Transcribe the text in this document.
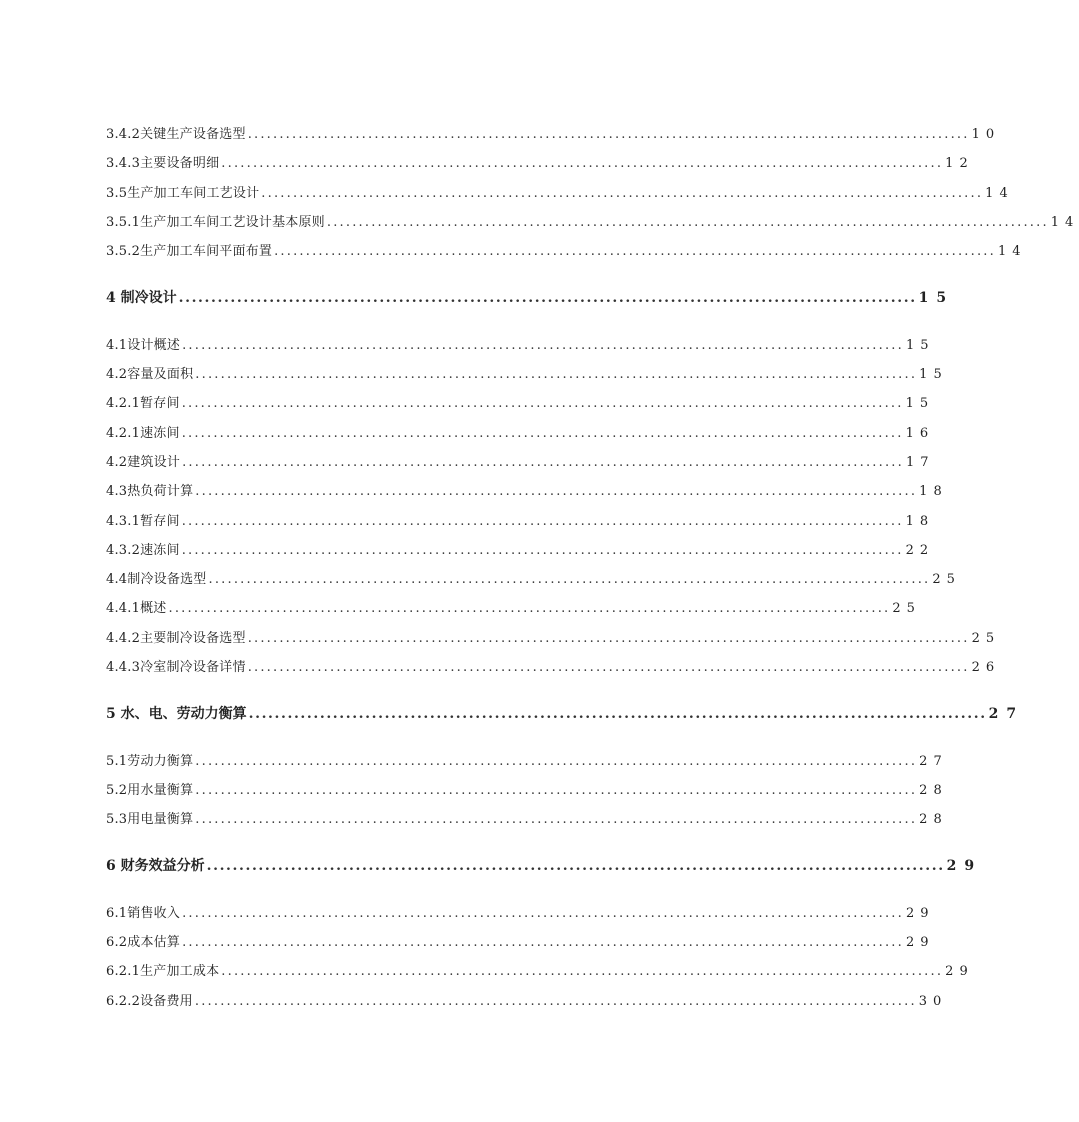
3.4.2关键生产设备选型 .................................................................................................................. 10
3.4.3主要设备明细 .................................................................................................................. 12
3.5生产加工车间工艺设计 .................................................................................................................. 14
3.5.1生产加工车间工艺设计基本原则 .................................................................................................................. 14
3.5.2生产加工车间平面布置 .................................................................................................................. 14
4 制冷设计 .................................................................................................................. 15
4.1设计概述 .................................................................................................................. 15
4.2容量及面积 .................................................................................................................. 15
4.2.1暂存间 .................................................................................................................. 15
4.2.1速冻间 .................................................................................................................. 16
4.2建筑设计 .................................................................................................................. 17
4.3热负荷计算 .................................................................................................................. 18
4.3.1暂存间 .................................................................................................................. 18
4.3.2速冻间 .................................................................................................................. 22
4.4制冷设备选型 .................................................................................................................. 25
4.4.1概述 .................................................................................................................. 25
4.4.2主要制冷设备选型 .................................................................................................................. 25
4.4.3冷室制冷设备详情 .................................................................................................................. 26
5 水、电、劳动力衡算 .................................................................................................................. 27
5.1劳动力衡算 .................................................................................................................. 27
5.2用水量衡算 .................................................................................................................. 28
5.3用电量衡算 .................................................................................................................. 28
6 财务效益分析 .................................................................................................................. 29
6.1销售收入 .................................................................................................................. 29
6.2成本估算 .................................................................................................................. 29
6.2.1生产加工成本 .................................................................................................................. 29
6.2.2设备费用 .................................................................................................................. 30
